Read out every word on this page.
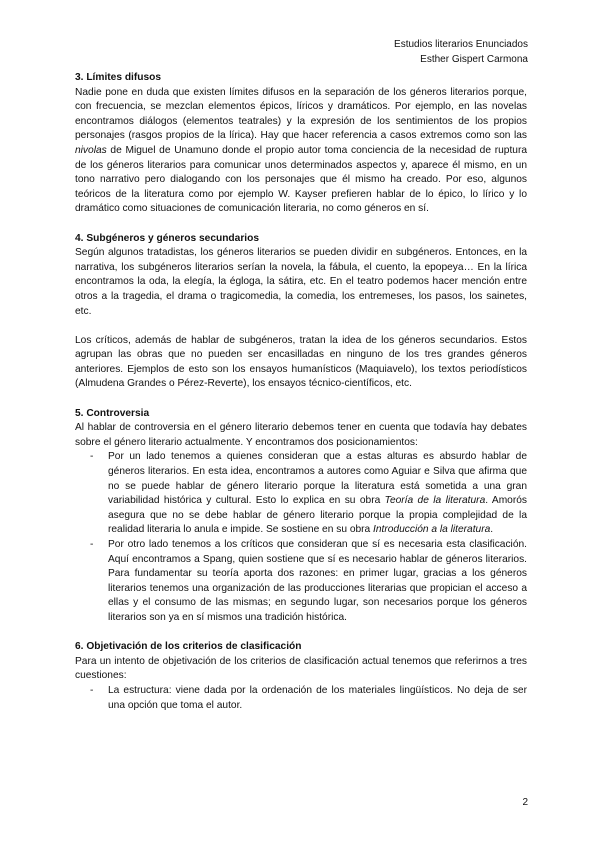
Estudios literarios Enunciados
Esther Gispert Carmona
3. Límites difusos

Nadie pone en duda que existen límites difusos en la separación de los géneros literarios porque, con frecuencia, se mezclan elementos épicos, líricos y dramáticos. Por ejemplo, en las novelas encontramos diálogos (elementos teatrales) y la expresión de los sentimientos de los propios personajes (rasgos propios de la lírica). Hay que hacer referencia a casos extremos como son las nivolas de Miguel de Unamuno donde el propio autor toma conciencia de la necesidad de ruptura de los géneros literarios para comunicar unos determinados aspectos y, aparece él mismo, en un tono narrativo pero dialogando con los personajes que él mismo ha creado. Por eso, algunos teóricos de la literatura como por ejemplo W. Kayser prefieren hablar de lo épico, lo lírico y lo dramático como situaciones de comunicación literaria, no como géneros en sí.

4. Subgéneros y géneros secundarios

Según algunos tratadistas, los géneros literarios se pueden dividir en subgéneros. Entonces, en la narrativa, los subgéneros literarios serían la novela, la fábula, el cuento, la epopeya… En la lírica encontramos la oda, la elegía, la égloga, la sátira, etc. En el teatro podemos hacer mención entre otros a la tragedia, el drama o tragicomedia, la comedia, los entremeses, los pasos, los sainetes, etc.

Los críticos, además de hablar de subgéneros, tratan la idea de los géneros secundarios. Estos agrupan las obras que no pueden ser encasilladas en ninguno de los tres grandes géneros anteriores. Ejemplos de esto son los ensayos humanísticos (Maquiavelo), los textos periodísticos (Almudena Grandes o Pérez-Reverte), los ensayos técnico-científicos, etc.

5. Controversia

Al hablar de controversia en el género literario debemos tener en cuenta que todavía hay debates sobre el género literario actualmente. Y encontramos dos posicionamientos:

- Por un lado tenemos a quienes consideran que a estas alturas es absurdo hablar de géneros literarios. En esta idea, encontramos a autores como Aguiar e Silva que afirma que no se puede hablar de género literario porque la literatura está sometida a una gran variabilidad histórica y cultural. Esto lo explica en su obra Teoría de la literatura. Amorós asegura que no se debe hablar de género literario porque la propia complejidad de la realidad literaria lo anula e impide. Se sostiene en su obra Introducción a la literatura.
- Por otro lado tenemos a los críticos que consideran que sí es necesaria esta clasificación. Aquí encontramos a Spang, quien sostiene que sí es necesario hablar de géneros literarios. Para fundamentar su teoría aporta dos razones: en primer lugar, gracias a los géneros literarios tenemos una organización de las producciones literarias que propician el acceso a ellas y el consumo de las mismas; en segundo lugar, son necesarios porque los géneros literarios son ya en sí mismos una tradición histórica.
6. Objetivación de los criterios de clasificación

Para un intento de objetivación de los criterios de clasificación actual tenemos que referirnos a tres cuestiones:

- La estructura: viene dada por la ordenación de los materiales lingüísticos. No deja de ser una opción que toma el autor.
2
